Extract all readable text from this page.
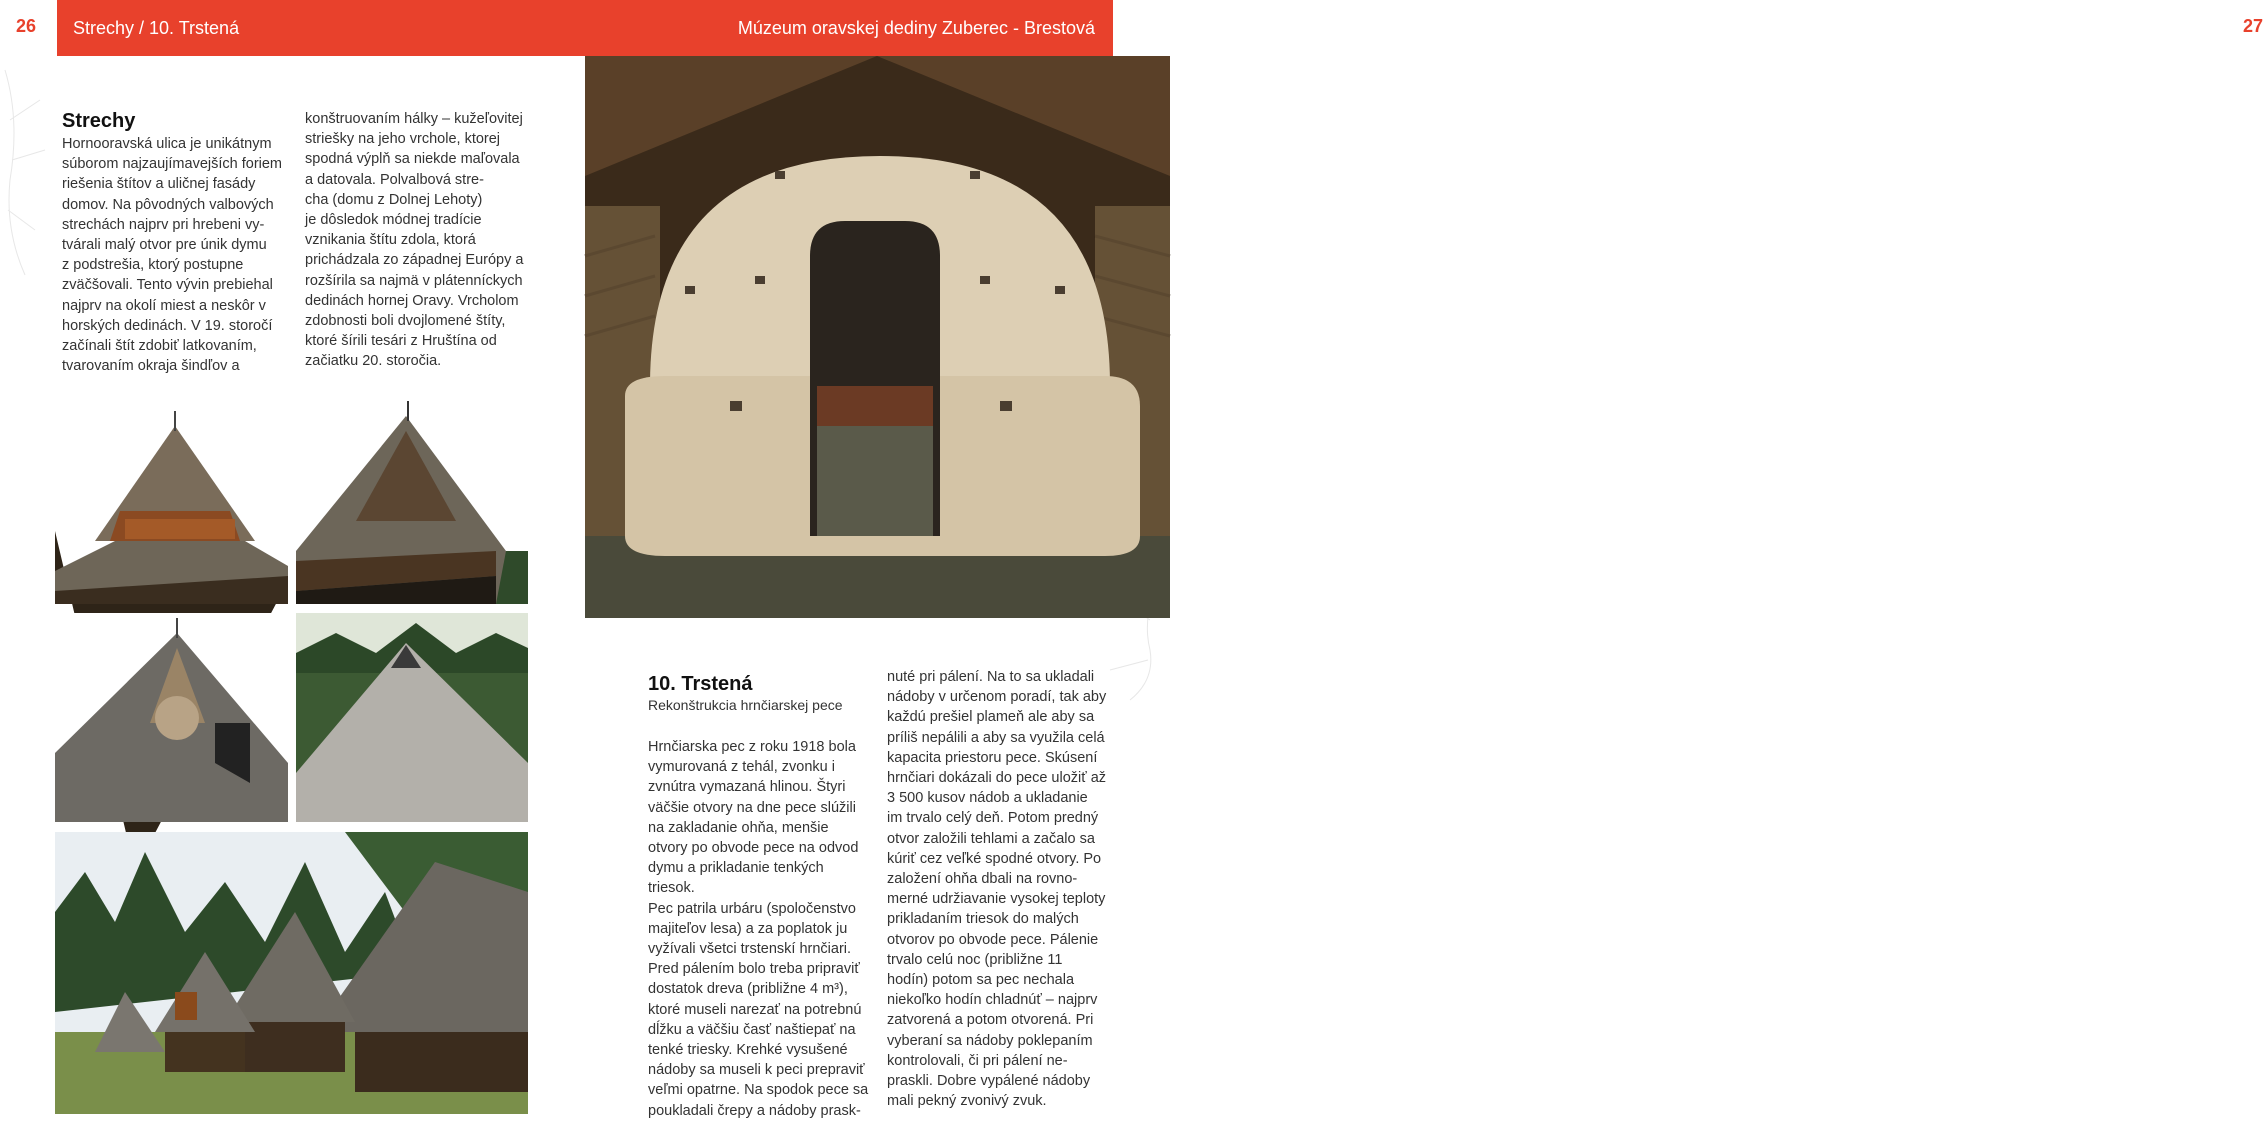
26 Strechy / 10. Trstená	Múzeum oravskej dediny Zuberec - Brestová	27
Strechy
Hornooravská ulica je unikátnym
súborom najzaujímavejších foriem
riešenia štítov a uličnej fasády
domov. Na pôvodných valbových
strechách najprv pri hrebeni vy-
tvárali malý otvor pre únik dymu
z podstrešia, ktorý postupne
zväčšovali. Tento vývin prebiehal
najprv na okolí miest a neskôr v
horských dedinách. V 19. storočí
začínali štít zdobiť latkovaním,
tvarovaním okraja šindľov a
konštruovaním hálky – kužeľovitej
striešky na jeho vrchole, ktorej
spodná výplň sa niekde maľovala
a datovala. Polvalbová stre-
cha (domu z Dolnej Lehoty)
je dôsledok módnej tradície
vznikania štítu zdola, ktorá
prichádzala zo západnej Európy a
rozšírila sa najmä v plátenníckych
dedinách hornej Oravy. Vrcholom
zdobnosti boli dvojlomené štíty,
ktoré šírili tesári z Hruštína od
začiatku 20. storočia.
10. Trstená
Rekonštrukcia hrnčiarskej pece
Hrnčiarska pec z roku 1918 bola
vymurovaná z tehál, zvonku i
zvnútra vymazaná hlinou. Štyri
väčšie otvory na dne pece slúžili
na zakladanie ohňa, menšie
otvory po obvode pece na odvod
dymu a prikladanie tenkých
triesok.
Pec patrila urbáru (spoločenstvo
majiteľov lesa) a za poplatok ju
vyžívali všetci trstenskí hrnčiari.
Pred pálením bolo treba pripraviť
dostatok dreva (približne 4 m³),
ktoré museli narezať na potrebnú
dĺžku a väčšiu časť naštiepať na
tenké triesky. Krehké vysušené
nádoby sa museli k peci prepraviť
veľmi opatrne. Na spodok pece sa
poukladali črepy a nádoby prask-
nuté pri pálení. Na to sa ukladali
nádoby v určenom poradí, tak aby
každú prešiel plameň ale aby sa
príliš nepálili a aby sa využila celá
kapacita priestoru pece. Skúsení
hrnčiari dokázali do pece uložiť až
3 500 kusov nádob a ukladanie
im trvalo celý deň. Potom predný
otvor založili tehlami a začalo sa
kúriť cez veľké spodné otvory. Po
založení ohňa dbali na rovno-
merné udržiavanie vysokej teploty
prikladaním triesok do malých
otvorov po obvode pece. Pálenie
trvalo celú noc (približne 11
hodín) potom sa pec nechala
niekoľko hodín chladnúť – najprv
zatvorená a potom otvorená. Pri
vyberaní sa nádoby poklepaním
kontrolovali, či pri pálení ne-
praskli. Dobre vypálené nádoby
mali pekný zvonivý zvuk.
